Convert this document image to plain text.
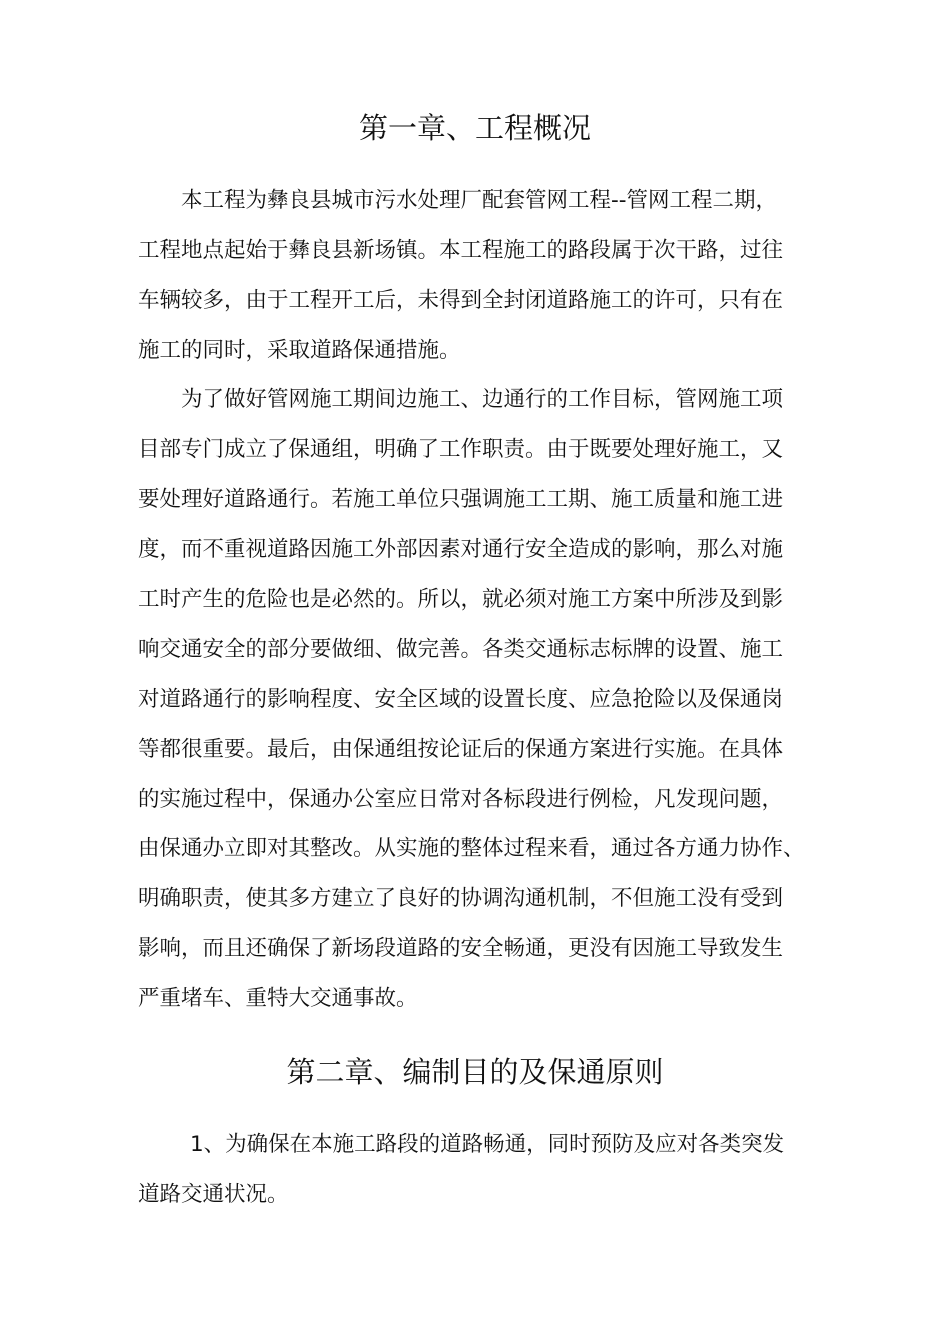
第一章、工程概况

本工程为彝良县城市污水处理厂配套管网工程--管网工程二期，

工程地点起始于彝良县新场镇。本工程施工的路段属于次干路，过往

车辆较多，由于工程开工后，未得到全封闭道路施工的许可，只有在

施工的同时，采取道路保通措施。

为了做好管网施工期间边施工、边通行的工作目标，管网施工项

目部专门成立了保通组，明确了工作职责。由于既要处理好施工，又

要处理好道路通行。若施工单位只强调施工工期、施工质量和施工进

度，而不重视道路因施工外部因素对通行安全造成的影响，那么对施

工时产生的危险也是必然的。所以，就必须对施工方案中所涉及到影

响交通安全的部分要做细、做完善。各类交通标志标牌的设置、施工

对道路通行的影响程度、安全区域的设置长度、应急抢险以及保通岗

等都很重要。最后，由保通组按论证后的保通方案进行实施。在具体

的实施过程中，保通办公室应日常对各标段进行例检，凡发现问题，

由保通办立即对其整改。从实施的整体过程来看，通过各方通力协作、

明确职责，使其多方建立了良好的协调沟通机制，不但施工没有受到

影响，而且还确保了新场段道路的安全畅通，更没有因施工导致发生

严重堵车、重特大交通事故。

第二章、编制目的及保通原则

1、为确保在本施工路段的道路畅通，同时预防及应对各类突发

道路交通状况。
